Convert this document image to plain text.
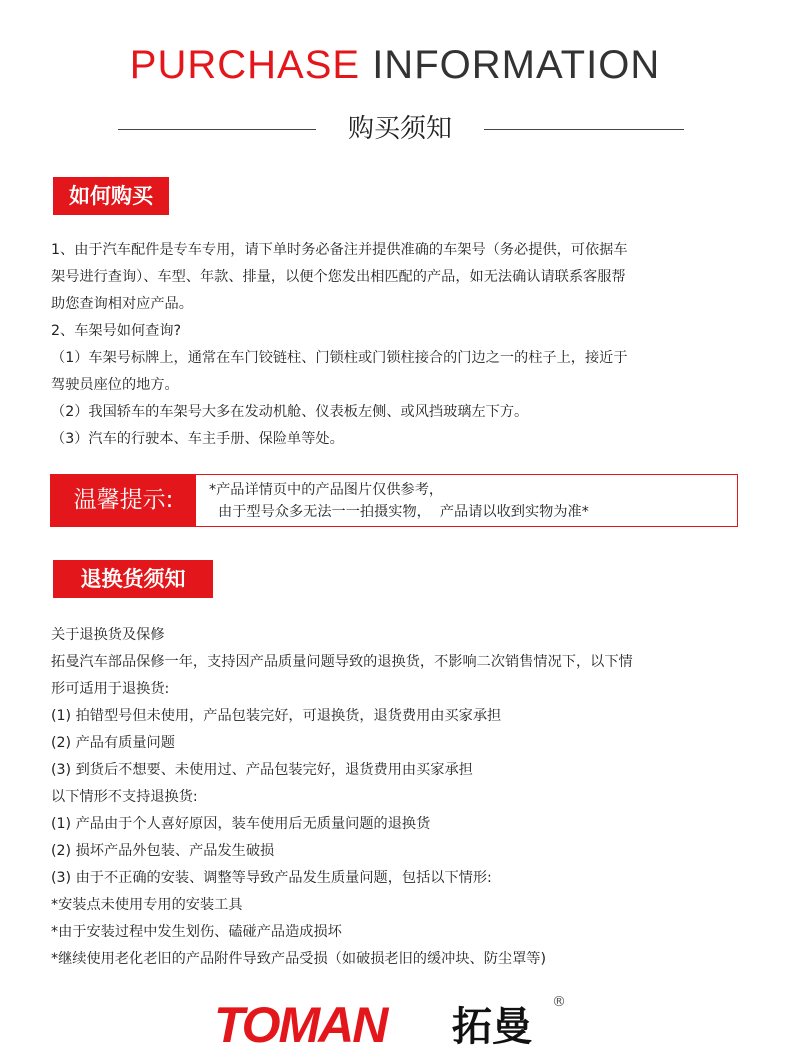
PURCHASE INFORMATION
购买须知
如何购买
1、由于汽车配件是专车专用，请下单时务必备注并提供准确的车架号（务必提供，可依据车
架号进行查询）、车型、年款、排量，以便个您发出相匹配的产品，如无法确认请联系客服帮
助您查询相对应产品。
2、车架号如何查询?
（1）车架号标牌上，通常在车门铰链柱、门锁柱或门锁柱接合的门边之一的柱子上，接近于
驾驶员座位的地方。
（2）我国轿车的车架号大多在发动机舱、仪表板左侧、或风挡玻璃左下方。
（3）汽车的行驶本、车主手册、保险单等处。
温馨提示:	*产品详情页中的产品图片仅供参考，
由于型号众多无法一一拍摄实物，  产品请以收到实物为准*
退换货须知
关于退换货及保修
拓曼汽车部品保修一年，支持因产品质量问题导致的退换货，不影响二次销售情况下，以下情
形可适用于退换货:
(1) 拍错型号但未使用，产品包装完好，可退换货，退货费用由买家承担
(2) 产品有质量问题
(3) 到货后不想要、未使用过、产品包装完好，退货费用由买家承担
以下情形不支持退换货:
(1) 产品由于个人喜好原因，装车使用后无质量问题的退换货
(2) 损坏产品外包装、产品发生破损
(3) 由于不正确的安装、调整等导致产品发生质量问题，包括以下情形:
*安装点未使用专用的安装工具
*由于安装过程中发生划伤、磕碰产品造成损坏
*继续使用老化老旧的产品附件导致产品受损（如破损老旧的缓冲块、防尘罩等)
TOMAN 拓曼
®
